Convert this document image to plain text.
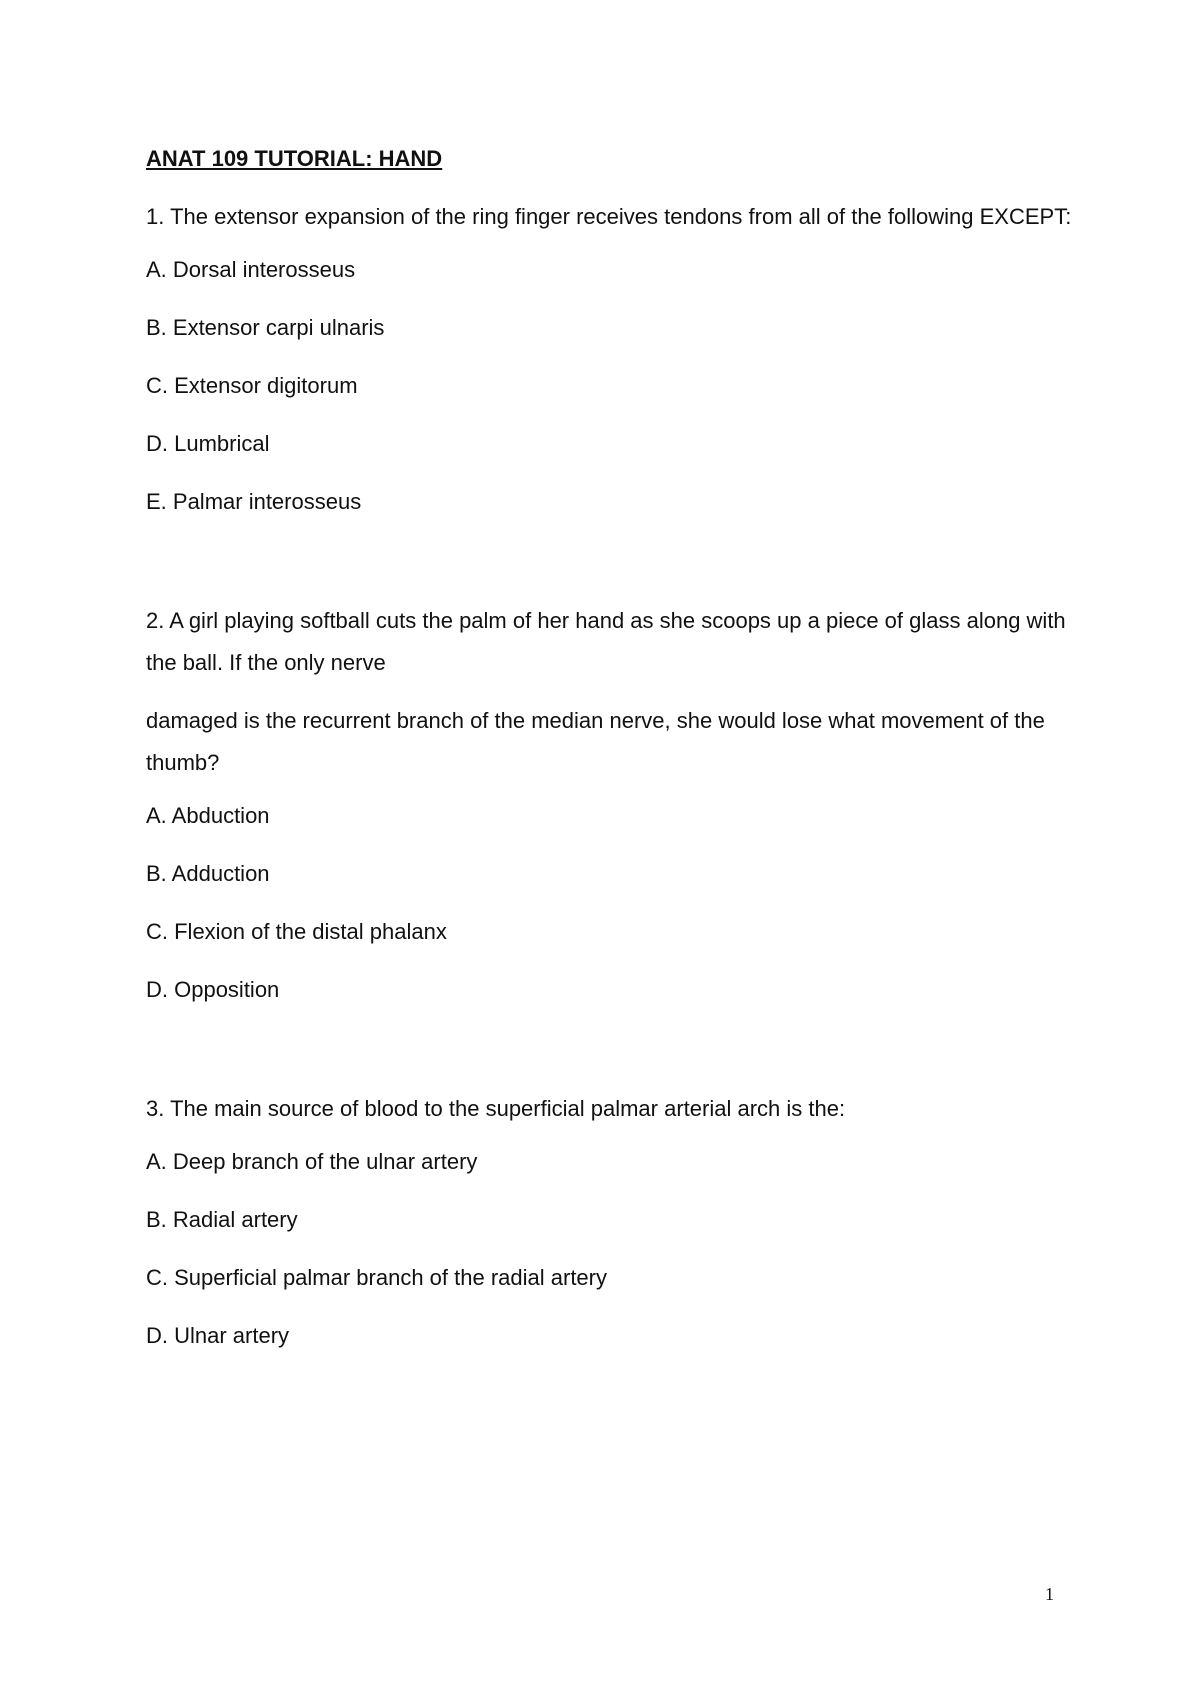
ANAT 109 TUTORIAL: HAND

1. The extensor expansion of the ring finger receives tendons from all of the following EXCEPT:

A. Dorsal interosseus
B. Extensor carpi ulnaris
C. Extensor digitorum
D. Lumbrical
E. Palmar interosseus

2. A girl playing softball cuts the palm of her hand as she scoops up a piece of glass along with the ball. If the only nerve

damaged is the recurrent branch of the median nerve, she would lose what movement of the thumb?

A. Abduction
B. Adduction
C. Flexion of the distal phalanx
D. Opposition

3. The main source of blood to the superficial palmar arterial arch is the:

A. Deep branch of the ulnar artery
B. Radial artery
C. Superficial palmar branch of the radial artery
D. Ulnar artery
1
